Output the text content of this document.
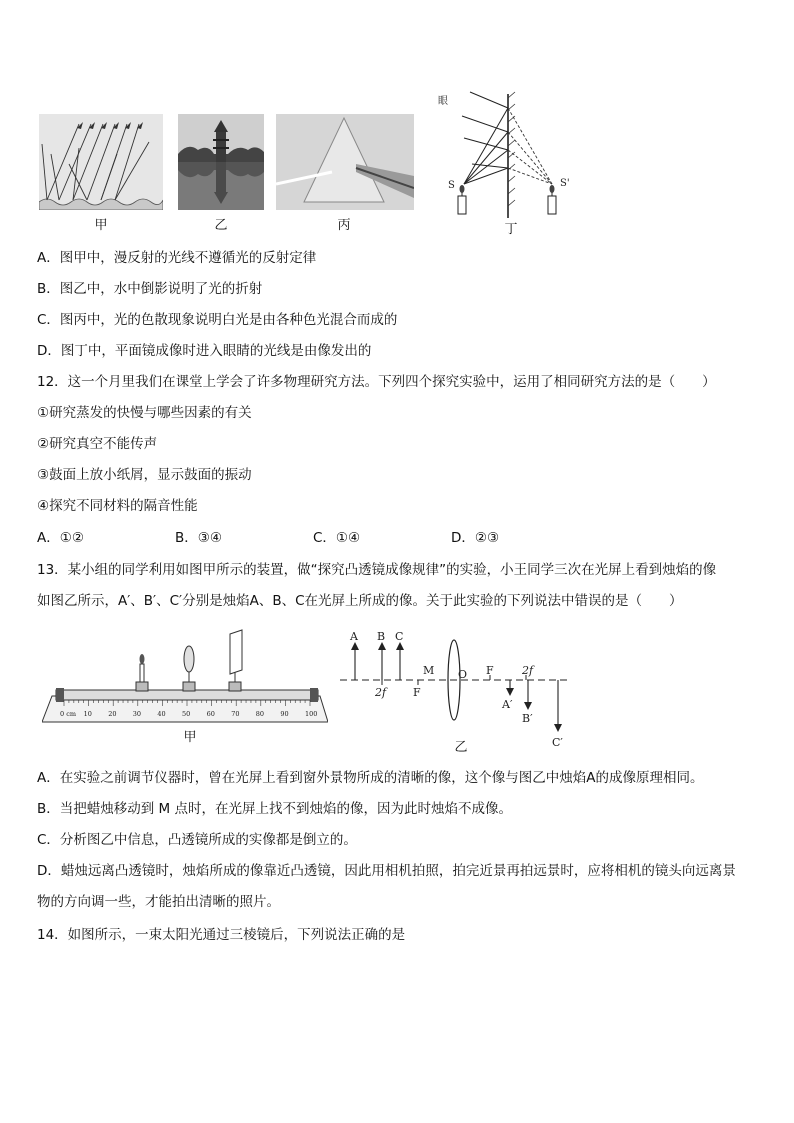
甲	乙	丙
眼
S	S'
丁
A．图甲中，漫反射的光线不遵循光的反射定律
B．图乙中，水中倒影说明了光的折射
C．图丙中，光的色散现象说明白光是由各种色光混合而成的
D．图丁中，平面镜成像时进入眼睛的光线是由像发出的
12．这一个月里我们在课堂上学会了许多物理研究方法。下列四个探究实验中，运用了相同研究方法的是（　　）
①研究蒸发的快慢与哪些因素的有关
②研究真空不能传声
③鼓面上放小纸屑，显示鼓面的振动
④探究不同材料的隔音性能
A．①②	B．③④	C．①④	D．②③
13．某小组的同学利用如图甲所示的装置，做“探究凸透镜成像规律”的实验，小王同学三次在光屏上看到烛焰的像
如图乙所示，A′、B′、C′分别是烛焰A、B、C在光屏上所成的像。关于此实验的下列说法中错误的是（　　）
10	20	30	40	50	60	70	80	90	100
0 cm
甲
A B C
2f F
M O F	2f
A′
B′
C′
乙
A．在实验之前调节仪器时，曾在光屏上看到窗外景物所成的清晰的像，这个像与图乙中烛焰A的成像原理相同。
B．当把蜡烛移动到 M 点时，在光屏上找不到烛焰的像，因为此时烛焰不成像。
C．分析图乙中信息，凸透镜所成的实像都是倒立的。
D．蜡烛远离凸透镜时，烛焰所成的像靠近凸透镜，因此用相机拍照，拍完近景再拍远景时，应将相机的镜头向远离景
物的方向调一些，才能拍出清晰的照片。
14．如图所示，一束太阳光通过三棱镜后，下列说法正确的是
